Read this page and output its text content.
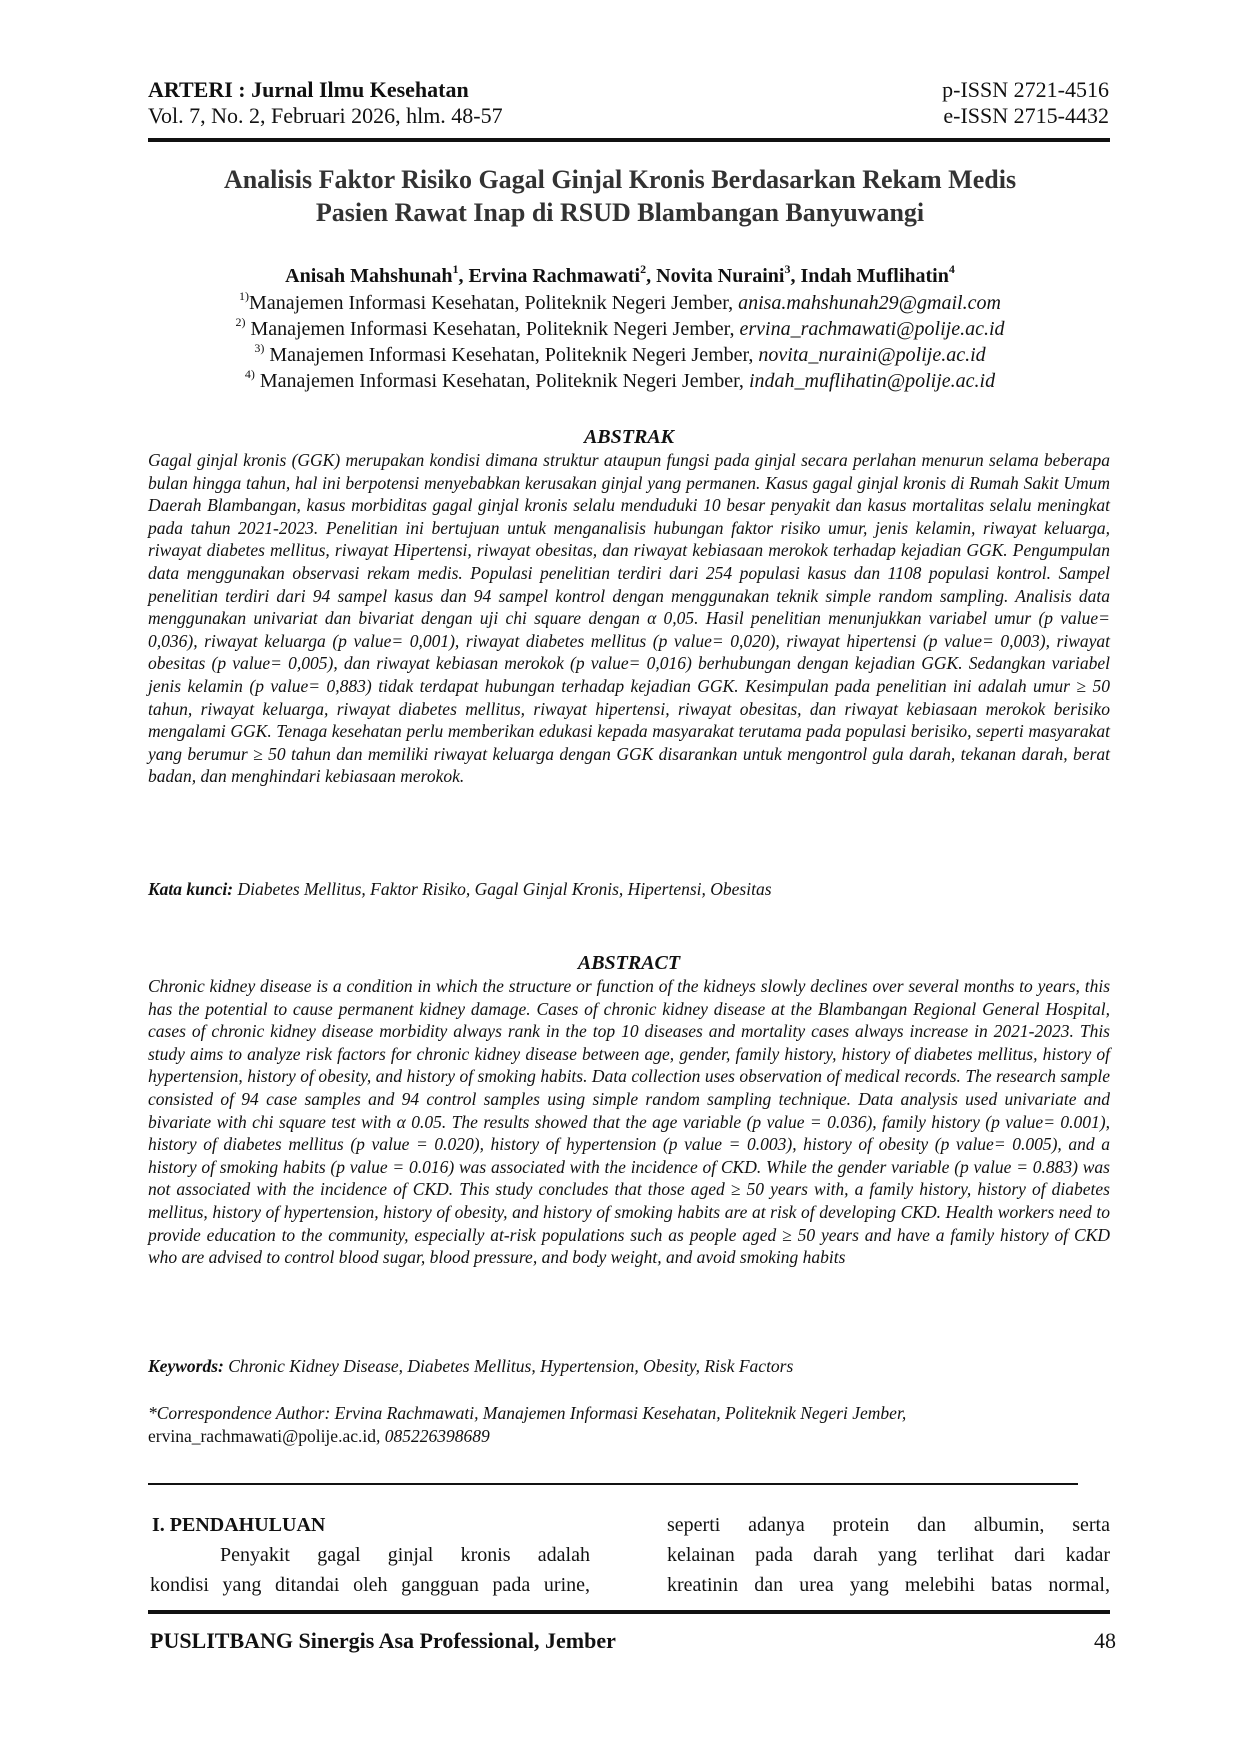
ARTERI : Jurnal Ilmu Kesehatan
Vol. 7, No. 2, Februari 2026, hlm. 48-57
p-ISSN 2721-4516
e-ISSN 2715-4432
Analisis Faktor Risiko Gagal Ginjal Kronis Berdasarkan Rekam Medis
Pasien Rawat Inap di RSUD Blambangan Banyuwangi
Anisah Mahshunah$^1$, Ervina Rachmawati$^2$, Novita Nuraini$^3$, Indah Muflihatin$^4$
$^{1)}$Manajemen Informasi Kesehatan, Politeknik Negeri Jember, anisa.mahshunah29@gmail.com
$^{2)}$ Manajemen Informasi Kesehatan, Politeknik Negeri Jember, ervina_rachmawati@polije.ac.id
$^{3)}$ Manajemen Informasi Kesehatan, Politeknik Negeri Jember, novita_nuraini@polije.ac.id
$^{4)}$ Manajemen Informasi Kesehatan, Politeknik Negeri Jember, indah_muflihatin@polije.ac.id
ABSTRAK

Gagal ginjal kronis (GGK) merupakan kondisi dimana struktur ataupun fungsi pada ginjal secara perlahan menurun selama beberapa bulan hingga tahun, hal ini berpotensi menyebabkan kerusakan ginjal yang permanen. Kasus gagal ginjal kronis di Rumah Sakit Umum Daerah Blambangan, kasus morbiditas gagal ginjal kronis selalu menduduki 10 besar penyakit dan kasus mortalitas selalu meningkat pada tahun 2021-2023. Penelitian ini bertujuan untuk menganalisis hubungan faktor risiko umur, jenis kelamin, riwayat keluarga, riwayat diabetes mellitus, riwayat Hipertensi, riwayat obesitas, dan riwayat kebiasaan merokok terhadap kejadian GGK. Pengumpulan data menggunakan observasi rekam medis. Populasi penelitian terdiri dari 254 populasi kasus dan 1108 populasi kontrol. Sampel penelitian terdiri dari 94 sampel kasus dan 94 sampel kontrol dengan menggunakan teknik simple random sampling. Analisis data menggunakan univariat dan bivariat dengan uji chi square dengan α 0,05. Hasil penelitian menunjukkan variabel umur (p value= 0,036), riwayat keluarga (p value= 0,001), riwayat diabetes mellitus (p value= 0,020), riwayat hipertensi (p value= 0,003), riwayat obesitas (p value= 0,005), dan riwayat kebiasan merokok (p value= 0,016) berhubungan dengan kejadian GGK. Sedangkan variabel jenis kelamin (p value= 0,883) tidak terdapat hubungan terhadap kejadian GGK. Kesimpulan pada penelitian ini adalah umur ≥ 50 tahun, riwayat keluarga, riwayat diabetes mellitus, riwayat hipertensi, riwayat obesitas, dan riwayat kebiasaan merokok berisiko mengalami GGK. Tenaga kesehatan perlu memberikan edukasi kepada masyarakat terutama pada populasi berisiko, seperti masyarakat yang berumur ≥ 50 tahun dan memiliki riwayat keluarga dengan GGK disarankan untuk mengontrol gula darah, tekanan darah, berat badan, dan menghindari kebiasaan merokok.

Kata kunci: Diabetes Mellitus, Faktor Risiko, Gagal Ginjal Kronis, Hipertensi, Obesitas
ABSTRACT

Chronic kidney disease is a condition in which the structure or function of the kidneys slowly declines over several months to years, this has the potential to cause permanent kidney damage. Cases of chronic kidney disease at the Blambangan Regional General Hospital, cases of chronic kidney disease morbidity always rank in the top 10 diseases and mortality cases always increase in 2021-2023. This study aims to analyze risk factors for chronic kidney disease between age, gender, family history, history of diabetes mellitus, history of hypertension, history of obesity, and history of smoking habits. Data collection uses observation of medical records. The research sample consisted of 94 case samples and 94 control samples using simple random sampling technique. Data analysis used univariate and bivariate with chi square test with α 0.05. The results showed that the age variable (p value = 0.036), family history (p value= 0.001), history of diabetes mellitus (p value = 0.020), history of hypertension (p value = 0.003), history of obesity (p value= 0.005), and a history of smoking habits (p value = 0.016) was associated with the incidence of CKD. While the gender variable (p value = 0.883) was not associated with the incidence of CKD. This study concludes that those aged ≥ 50 years with, a family history, history of diabetes mellitus, history of hypertension, history of obesity, and history of smoking habits are at risk of developing CKD. Health workers need to provide education to the community, especially at-risk populations such as people aged ≥ 50 years and have a family history of CKD who are advised to control blood sugar, blood pressure, and body weight, and avoid smoking habits

Keywords: Chronic Kidney Disease, Diabetes Mellitus, Hypertension, Obesity, Risk Factors
*Correspondence Author: Ervina Rachmawati, Manajemen Informasi Kesehatan, Politeknik Negeri Jember,
ervina_rachmawati@polije.ac.id, 085226398689
I. PENDAHULUAN
Penyakit gagal ginjal kronis adalah
kondisi yang ditandai oleh gangguan pada urine,
seperti adanya protein dan albumin, serta
kelainan pada darah yang terlihat dari kadar
kreatinin dan urea yang melebihi batas normal,
PUSLITBANG Sinergis Asa Professional, Jember	48
